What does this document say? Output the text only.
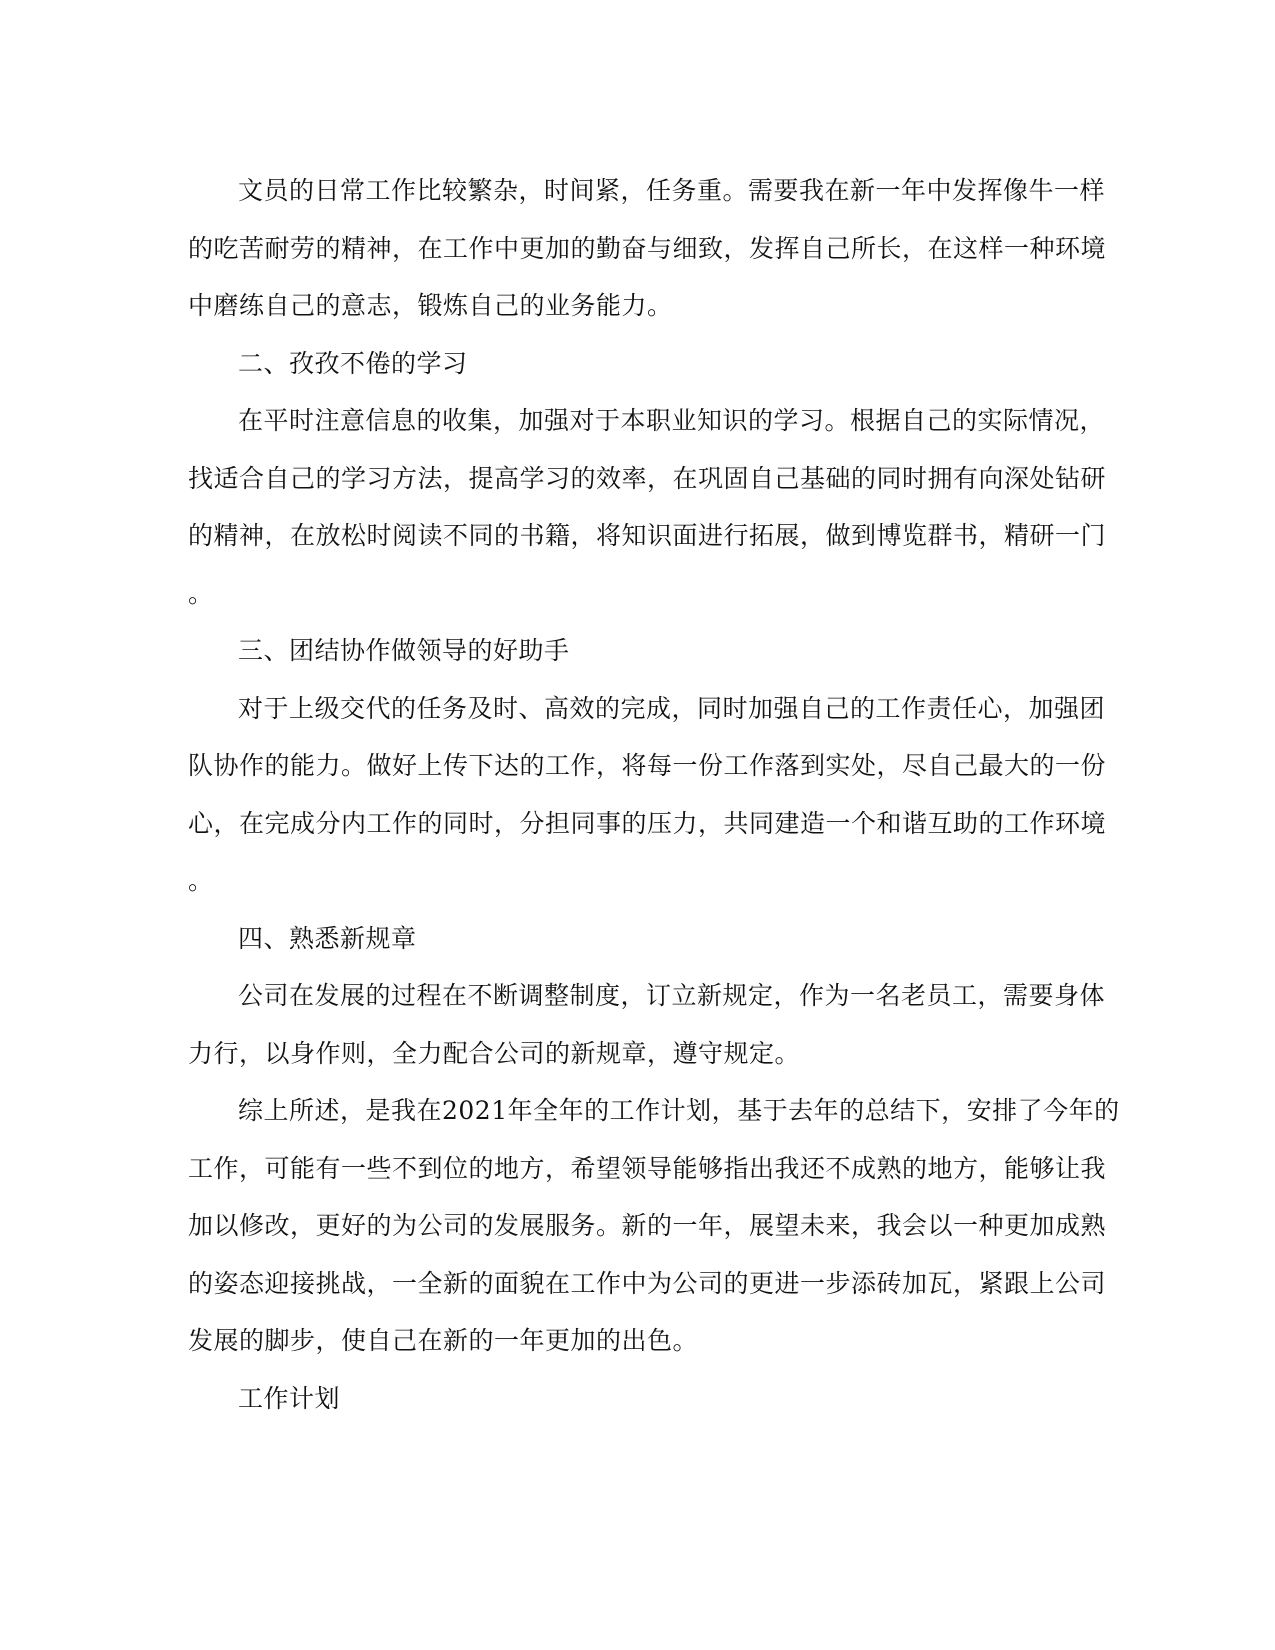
文员的日常工作比较繁杂，时间紧，任务重。需要我在新一年中发挥像牛一样
的吃苦耐劳的精神，在工作中更加的勤奋与细致，发挥自己所长，在这样一种环境
中磨练自己的意志，锻炼自己的业务能力。
二、孜孜不倦的学习
在平时注意信息的收集，加强对于本职业知识的学习。根据自己的实际情况，
找适合自己的学习方法，提高学习的效率，在巩固自己基础的同时拥有向深处钻研
的精神，在放松时阅读不同的书籍，将知识面进行拓展，做到博览群书，精研一门
。
三、团结协作做领导的好助手
对于上级交代的任务及时、高效的完成，同时加强自己的工作责任心，加强团
队协作的能力。做好上传下达的工作，将每一份工作落到实处，尽自己最大的一份
心，在完成分内工作的同时，分担同事的压力，共同建造一个和谐互助的工作环境
。
四、熟悉新规章
公司在发展的过程在不断调整制度，订立新规定，作为一名老员工，需要身体
力行，以身作则，全力配合公司的新规章，遵守规定。
综上所述，是我在2021年全年的工作计划，基于去年的总结下，安排了今年的
工作，可能有一些不到位的地方，希望领导能够指出我还不成熟的地方，能够让我
加以修改，更好的为公司的发展服务。新的一年，展望未来，我会以一种更加成熟
的姿态迎接挑战，一全新的面貌在工作中为公司的更进一步添砖加瓦，紧跟上公司
发展的脚步，使自己在新的一年更加的出色。
工作计划
